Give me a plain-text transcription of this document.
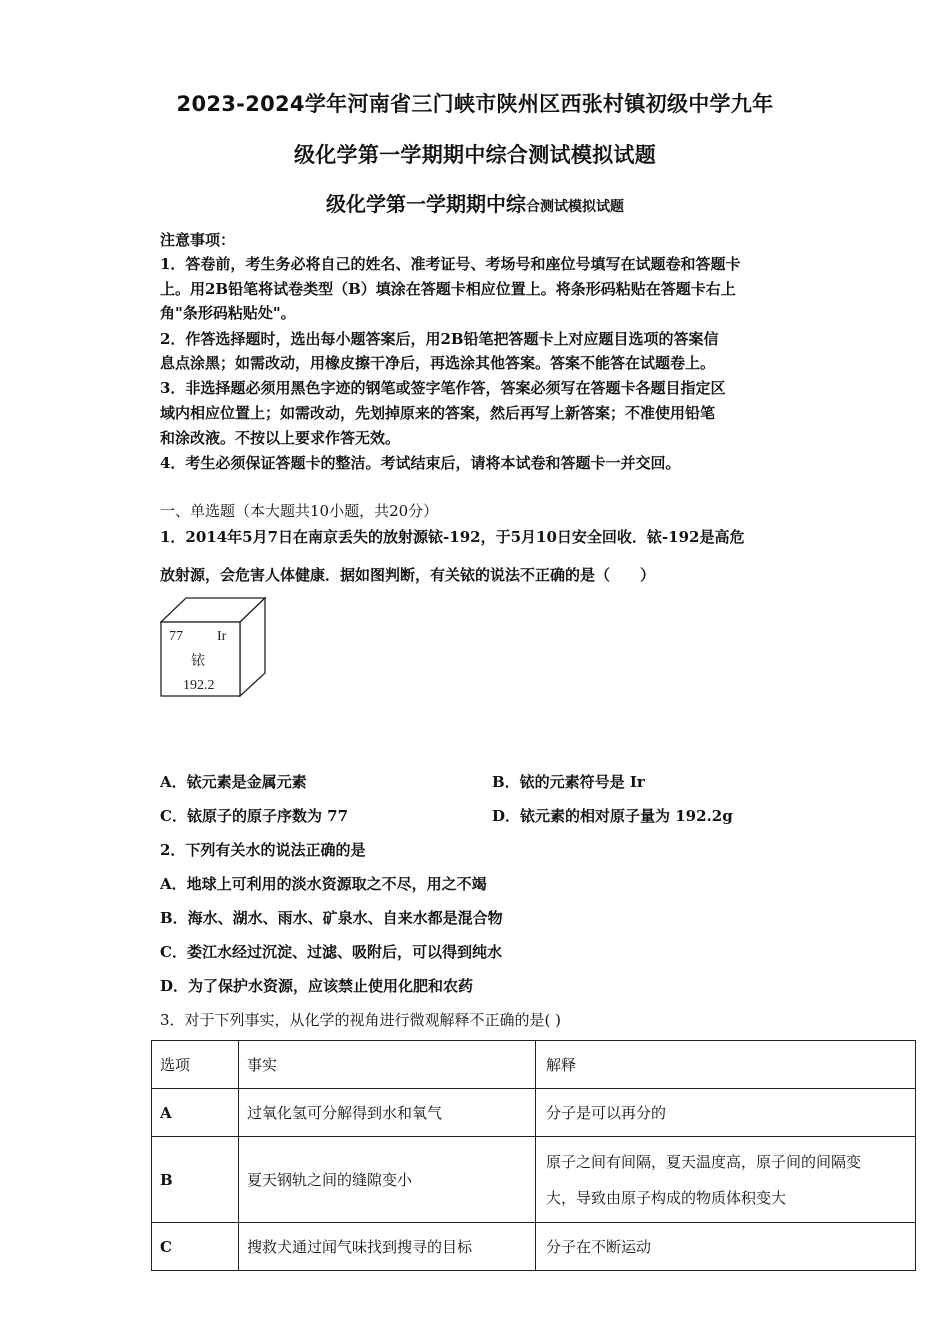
2023-2024学年河南省三门峡市陕州区西张村镇初级中学九年
级化学第一学期期中综合测试模拟试题
级化学第一学期期中综合测试模拟试题
注意事项：
1．答卷前，考生务必将自己的姓名、准考证号、考场号和座位号填写在试题卷和答题卡
上。用2B铅笔将试卷类型（B）填涂在答题卡相应位置上。将条形码粘贴在答题卡右上
角"条形码粘贴处"。
2．作答选择题时，选出每小题答案后，用2B铅笔把答题卡上对应题目选项的答案信
息点涂黑；如需改动，用橡皮擦干净后，再选涂其他答案。答案不能答在试题卷上。
3．非选择题必须用黑色字迹的钢笔或签字笔作答，答案必须写在答题卡各题目指定区
域内相应位置上；如需改动，先划掉原来的答案，然后再写上新答案；不准使用铅笔
和涂改液。不按以上要求作答无效。
4．考生必须保证答题卡的整洁。考试结束后，请将本试卷和答题卡一并交回。
一、单选题（本大题共10小题，共20分）
1．2014年5月7日在南京丢失的放射源铱-192，于5月10日安全回收．铱-192是高危
放射源，会危害人体健康．据如图判断，有关铱的说法不正确的是（　　）
77 Ir
铱
192.2
A．铱元素是金属元素	B．铱的元素符号是 Ir
C．铱原子的原子序数为 77	D．铱元素的相对原子量为 192.2g
2．下列有关水的说法正确的是
A．地球上可利用的淡水资源取之不尽，用之不竭
B．海水、湖水、雨水、矿泉水、自来水都是混合物
C．娄江水经过沉淀、过滤、吸附后，可以得到纯水
D．为了保护水资源，应该禁止使用化肥和农药
3．对于下列事实，从化学的视角进行微观解释不正确的是( )
选项	事实	解释
A	过氧化氢可分解得到水和氧气	分子是可以再分的

B	夏天钢轨之间的缝隙变小	原子之间有间隔，夏天温度高，原子间的间隔变
大，导致由原子构成的物质体积变大

C	搜救犬通过闻气味找到搜寻的目标	分子在不断运动
